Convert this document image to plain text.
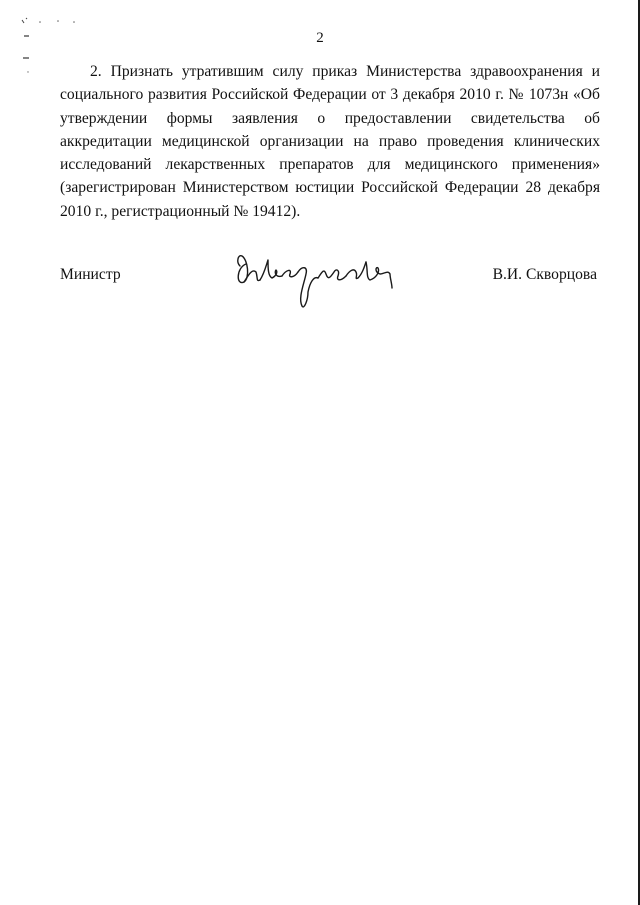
2

2. Признать утратившим силу приказ Министерства здравоохранения и социального развития Российской Федерации от 3 декабря 2010 г. № 1073н «Об утверждении формы заявления о предоставлении свидетельства об аккредитации медицинской организации на право проведения клинических исследований лекарственных препаратов для медицинского применения» (зарегистрирован Министерством юстиции Российской Федерации 28 декабря 2010 г., регистрационный № 19412).

Министр	В.И. Скворцова
